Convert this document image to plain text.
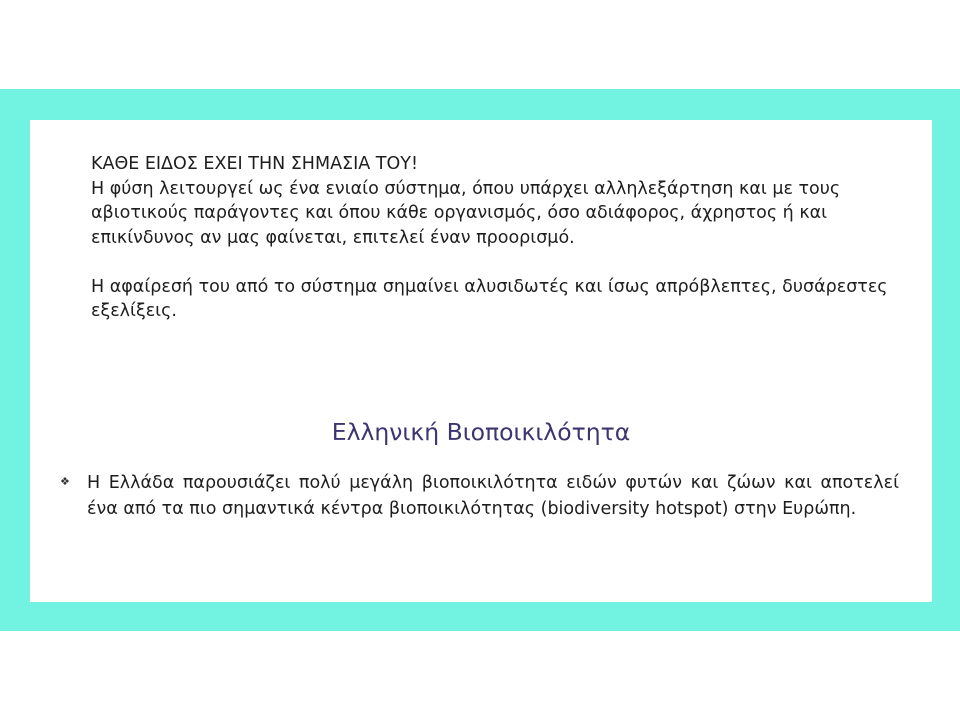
ΚΑΘΕ ΕΙΔΟΣ ΕΧΕΙ ΤΗΝ ΣΗΜΑΣΙΑ ΤΟΥ!

Η φύση λειτουργεί ως ένα ενιαίο σύστημα, όπου υπάρχει αλληλεξάρτηση και με τους αβιοτικούς παράγοντες και όπου κάθε οργανισμός, όσο αδιάφορος, άχρηστος ή και επικίνδυνος αν μας φαίνεται, επιτελεί έναν προορισμό.

Η αφαίρεσή του από το σύστημα σημαίνει αλυσιδωτές και ίσως απρόβλεπτες, δυσάρεστες εξελίξεις.

Ελληνική Βιοποικιλότητα
❖ Η Ελλάδα παρουσιάζει πολύ μεγάλη βιοποικιλότητα ειδών φυτών και ζώων και αποτελεί ένα από τα πιο σημαντικά κέντρα βιοποικιλότητας (biodiversity hotspot) στην Ευρώπη.
